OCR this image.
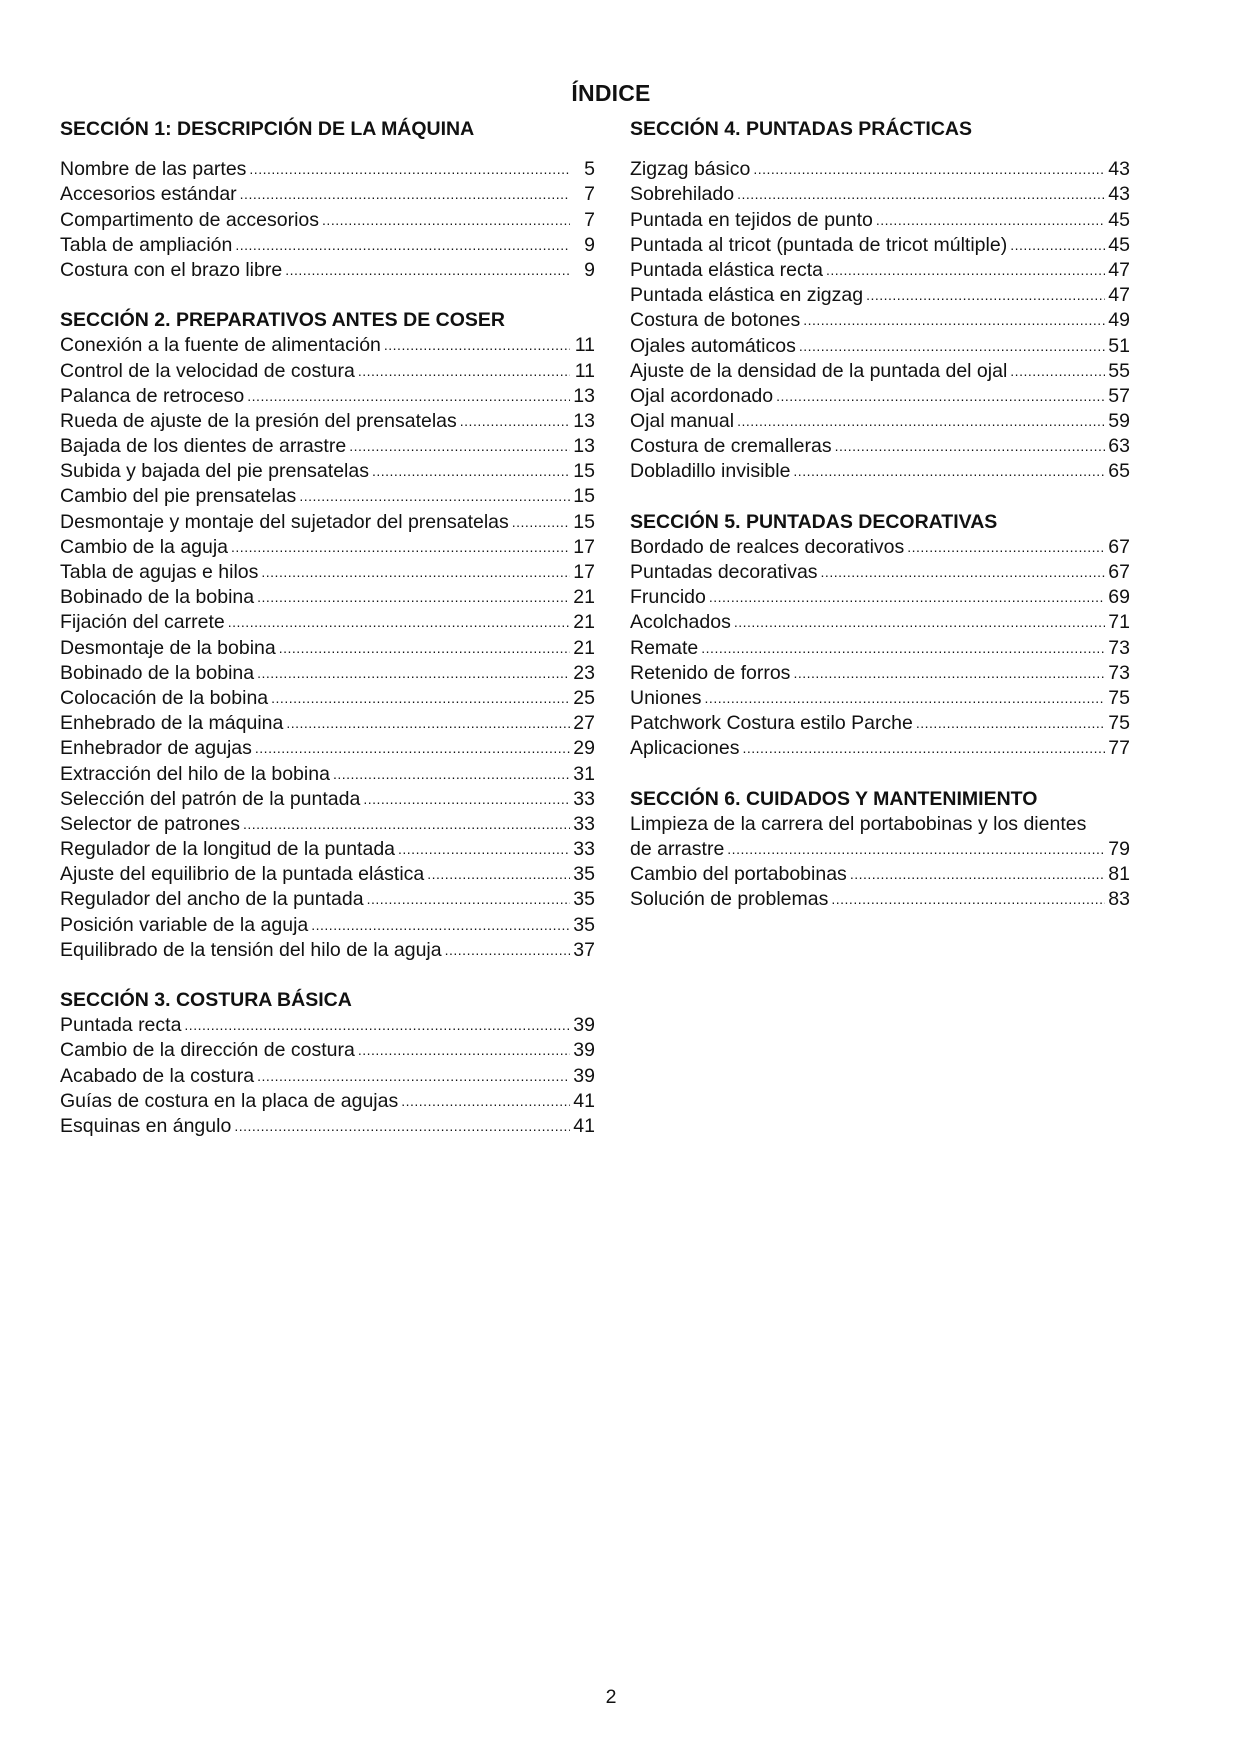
ÍNDICE
SECCIÓN 1: DESCRIPCIÓN DE LA MÁQUINA
Nombre de las partes .....	5
Accesorios estándar .....	7
Compartimento de accesorios .....	7
Tabla de ampliación .....	9
Costura con el brazo libre .....	9
SECCIÓN 2. PREPARATIVOS ANTES DE COSER
Conexión a la fuente de alimentación .....	11
Control de la velocidad de costura .....	11
Palanca de retroceso .....	13
Rueda de ajuste de la presión del prensatelas .....	13
Bajada de los dientes de arrastre .....	13
Subida y bajada del pie prensatelas .....	15
Cambio del pie prensatelas .....	15
Desmontaje y montaje del sujetador del prensatelas .....	15
Cambio de la aguja .....	17
Tabla de agujas e hilos .....	17
Bobinado de la bobina .....	21
Fijación del carrete .....	21
Desmontaje de la bobina .....	21
Bobinado de la bobina .....	23
Colocación de la bobina .....	25
Enhebrado de la máquina .....	27
Enhebrador de agujas .....	29
Extracción del hilo de la bobina .....	31
Selección del patrón de la puntada .....	33
Selector de patrones .....	33
Regulador de la longitud de la puntada .....	33
Ajuste del equilibrio de la puntada elástica .....	35
Regulador del ancho de la puntada .....	35
Posición variable de la aguja .....	35
Equilibrado de la tensión del hilo de la aguja .....	37
SECCIÓN 3. COSTURA BÁSICA
Puntada recta .....	39
Cambio de la dirección de costura .....	39
Acabado de la costura .....	39
Guías de costura en la placa de agujas .....	41
Esquinas en ángulo .....	41
SECCIÓN 4. PUNTADAS PRÁCTICAS
Zigzag básico .....	43
Sobrehilado .....	43
Puntada en tejidos de punto .....	45
Puntada al tricot (puntada de tricot múltiple) .....	45
Puntada elástica recta .....	47
Puntada elástica en zigzag .....	47
Costura de botones .....	49
Ojales automáticos .....	51
Ajuste de la densidad de la puntada del ojal .....	55
Ojal acordonado .....	57
Ojal manual .....	59
Costura de cremalleras .....	63
Dobladillo invisible .....	65
SECCIÓN 5. PUNTADAS DECORATIVAS
Bordado de realces decorativos .....	67
Puntadas decorativas .....	67
Fruncido .....	69
Acolchados .....	71
Remate .....	73
Retenido de forros .....	73
Uniones .....	75
Patchwork Costura estilo Parche .....	75
Aplicaciones .....	77
SECCIÓN 6. CUIDADOS Y MANTENIMIENTO
Limpieza de la carrera del portabobinas y los dientes
de arrastre .....	79
Cambio del portabobinas .....	81
Solución de problemas .....	83
2
